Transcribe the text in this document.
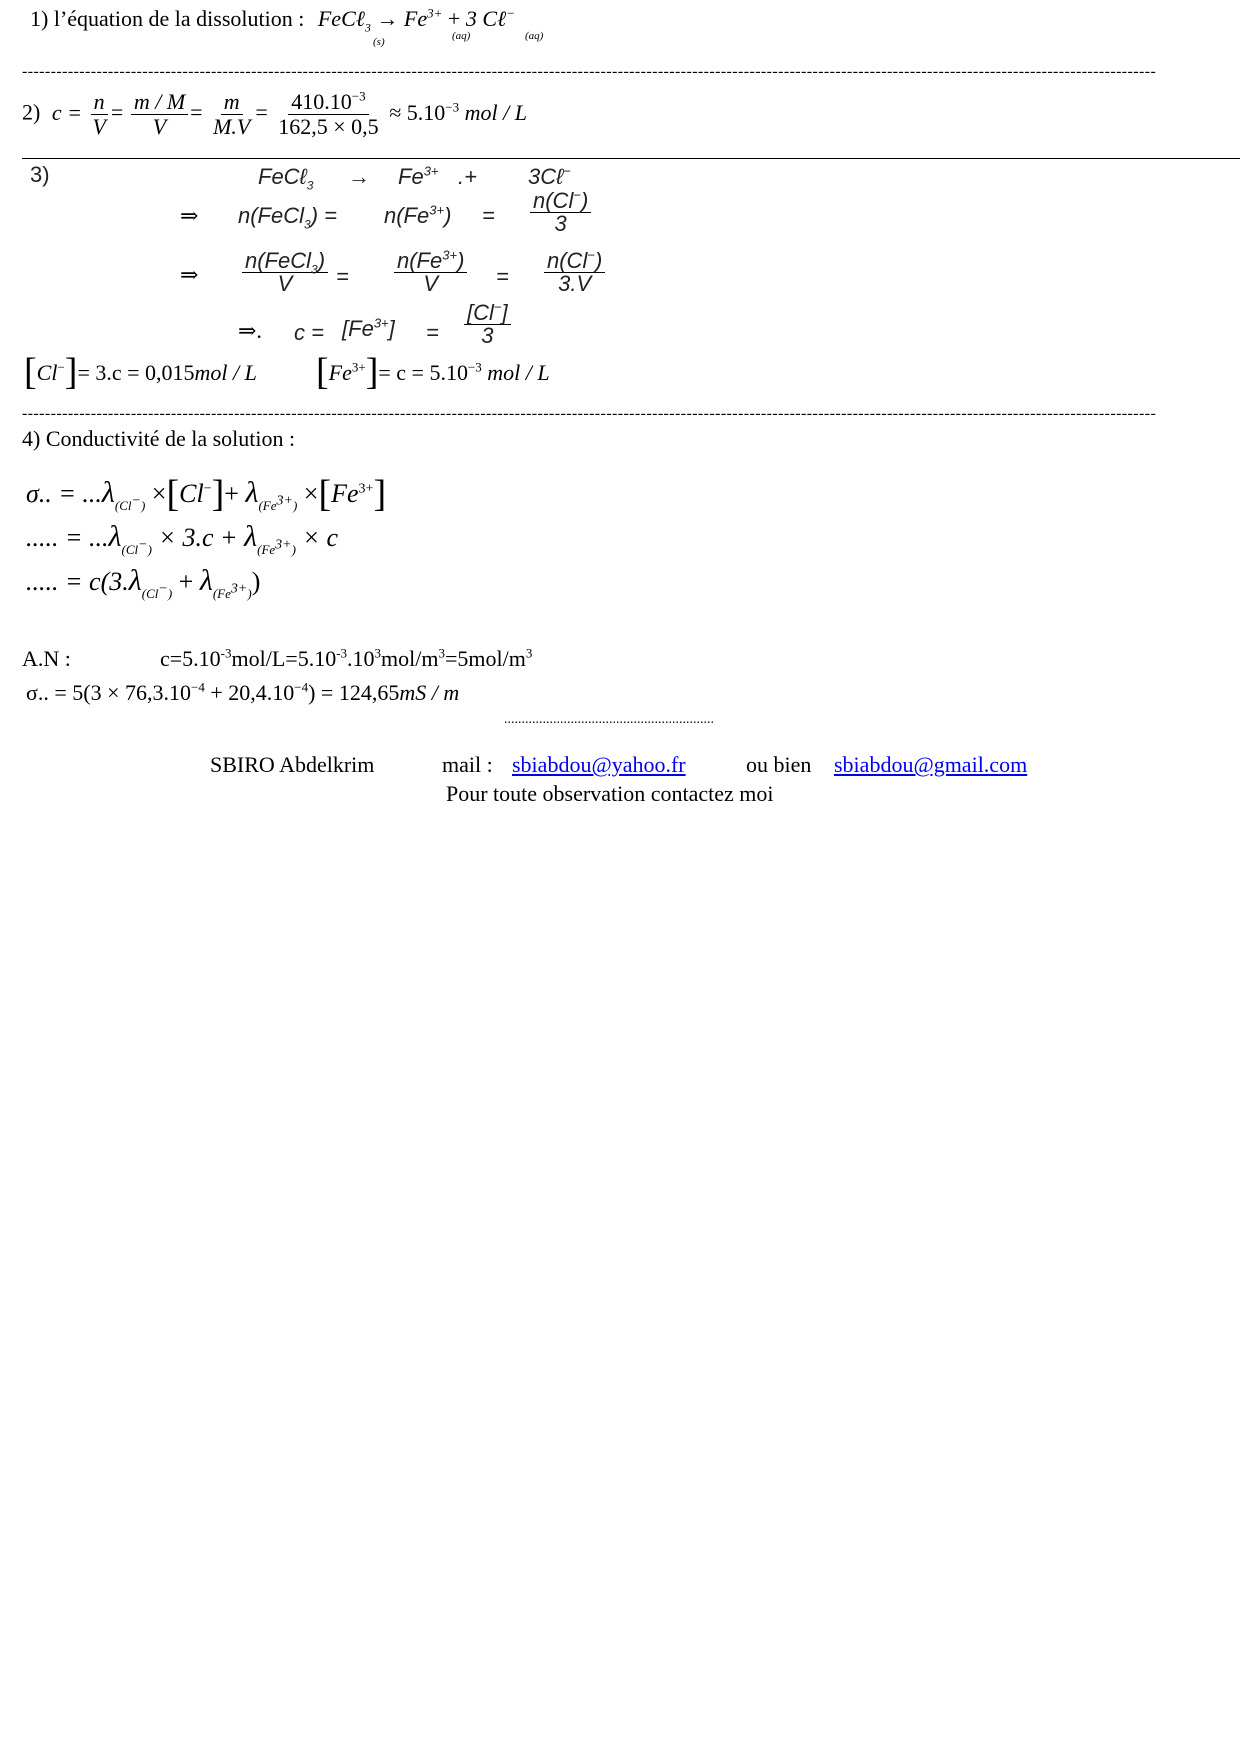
1) l’équation de la dissolution : FeCℓ$_3$ → $Fe^{3+} + 3$ Cℓ−
(s)	(aq)	(aq)
------------------------------------------------------------------------------------------------------------------------------------------------------------------------------------------------------
2) $c = \frac{n}{V} = \frac{m / M}{V} = \frac{m}{M.V} = \frac{410.10^{-3}}{162,5 \times 0,5} \approx 5.10^{-3}$ mol / L
3)	FeCℓ$_3$ → $Fe^{3+}$ .+ 3Cℓ−
⇒ n(FeCl$_3$) = $n(Fe^{3+}) = \frac{n(Cl^-)}{3}$
⇒ $\frac{n(FeCl_3)}{V} = \frac{n(Fe^{3+})}{V} = \frac{n(Cl^-)}{3.V}$
⇒. $c = [Fe^{3+}] = \frac{[Cl^-]}{3}$
[Cl−]= 3.c = 0,015mol / L $[Fe^{3+}]= c = 5.10^{-3}$ mol / L
------------------------------------------------------------------------------------------------------------------------------------------------------------------------------------------------------
4) Conductivité de la solution :
σ.. = $...\lambda_{(Cl^-)} \times[Cl^-]+ \lambda_{(Fe^{3+})} \times[Fe^{3+}]$
..... = $...\lambda_{(Cl^-)} \times 3.c + \lambda_{(Fe^{3+})} \times c$
..... = $c(3.\lambda_{(Cl^-)} + \lambda_{(Fe^{3+})})$
A.N :	$c=5.10^{-3}mol/L=5.10^{-3}.10^3mol/m^3=5mol/m^3$
σ.. = $5(3 \times 76,3.10^{-4} + 20,4.10^{-4}) = 124,65mS / m$
............................................................
SBIRO Abdelkrim	mail : sbiabdou@yahoo.fr	ou bien sbiabdou@gmail.com
Pour toute observation contactez moi
